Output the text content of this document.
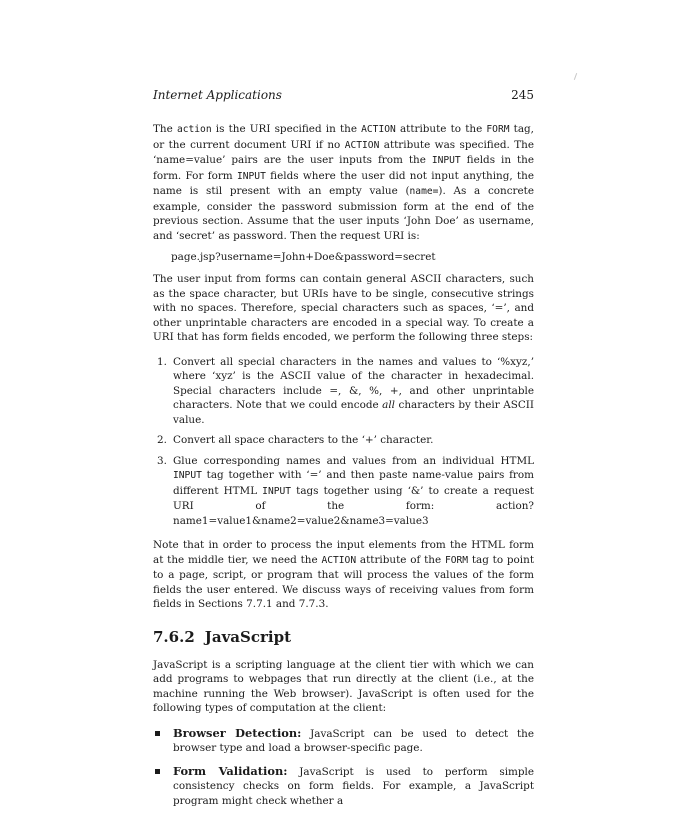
Internet Applications	245

The action is the URI specified in the ACTION attribute to the FORM tag, or the current document URI if no ACTION attribute was specified. The ‘name=value’ pairs are the user inputs from the INPUT fields in the form. For form INPUT fields where the user did not input anything, the name is stil present with an empty value (name=). As a concrete example, consider the password submission form at the end of the previous section. Assume that the user inputs ‘John Doe’ as username, and ‘secret’ as password. Then the request URI is:

page.jsp?username=John+Doe&password=secret

The user input from forms can contain general ASCII characters, such as the space character, but URIs have to be single, consecutive strings with no spaces. Therefore, special characters such as spaces, ‘=’, and other unprintable characters are encoded in a special way. To create a URI that has form fields encoded, we perform the following three steps:

1. Convert all special characters in the names and values to ‘%xyz,’ where ‘xyz’ is the ASCII value of the character in hexadecimal. Special characters include =, &, %, +, and other unprintable characters. Note that we could encode all characters by their ASCII value.
2. Convert all space characters to the ‘+’ character.
3. Glue corresponding names and values from an individual HTML INPUT tag together with ‘=’ and then paste name-value pairs from different HTML INPUT tags together using ‘&’ to create a request URI of the form: action?name1=value1&name2=value2&name3=value3

Note that in order to process the input elements from the HTML form at the middle tier, we need the ACTION attribute of the FORM tag to point to a page, script, or program that will process the values of the form fields the user entered. We discuss ways of receiving values from form fields in Sections 7.7.1 and 7.7.3.

7.6.2 JavaScript

JavaScript is a scripting language at the client tier with which we can add programs to webpages that run directly at the client (i.e., at the machine running the Web browser). JavaScript is often used for the following types of computation at the client:

Browser Detection: JavaScript can be used to detect the browser type and load a browser-specific page.
Form Validation: JavaScript is used to perform simple consistency checks on form fields. For example, a JavaScript program might check whether a
